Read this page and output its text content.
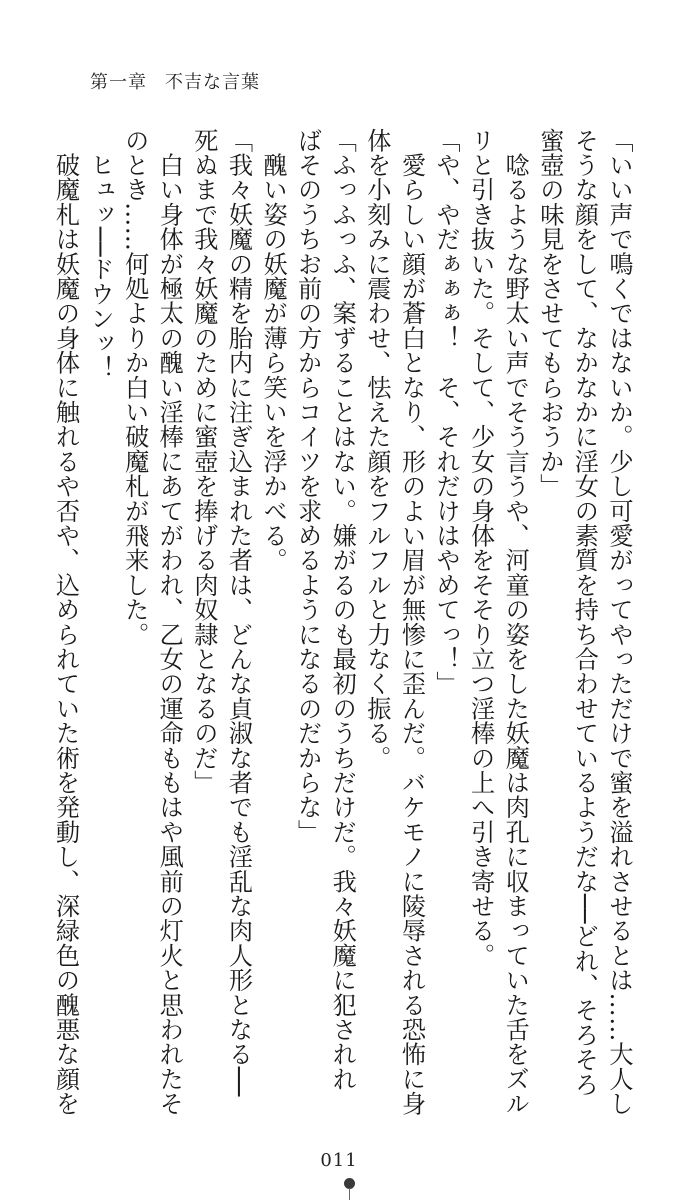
第一章 不吉な言葉

「いい声で鳴くではないか。少し可愛がってやっただけで蜜を溢れさせるとは……大人し

そうな顔をして、なかなかに淫女の素質を持ち合わせているようだな──どれ、そろそろ

蜜壺の味見をさせてもらおうか」

　唸るような野太い声でそう言うや、河童の姿をした妖魔は肉孔に収まっていた舌をズル

リと引き抜いた。そして、少女の身体をそそり立つ淫棒の上へ引き寄せる。

「や、やだぁぁぁ！　そ、それだけはやめてっ！」

　愛らしい顔が蒼白となり、形のよい眉が無惨に歪んだ。バケモノに陵辱される恐怖に身

体を小刻みに震わせ、怯えた顔をフルフルと力なく振る。

「ふっふっふ、案ずることはない。嫌がるのも最初のうちだけだ。我々妖魔に犯されれ

ばそのうちお前の方からコイツを求めるようになるのだからな」

　醜い姿の妖魔が薄ら笑いを浮かべる。

「我々妖魔の精を胎内に注ぎ込まれた者は、どんな貞淑な者でも淫乱な肉人形となる──

死ぬまで我々妖魔のために蜜壺を捧げる肉奴隷となるのだ」

　白い身体が極太の醜い淫棒にあてがわれ、乙女の運命ももはや風前の灯火と思われたそ

のとき……何処よりか白い破魔札が飛来した。

　ヒュッ──ドウンッ！

　破魔札は妖魔の身体に触れるや否や、込められていた術を発動し、深緑色の醜悪な顔を

011
